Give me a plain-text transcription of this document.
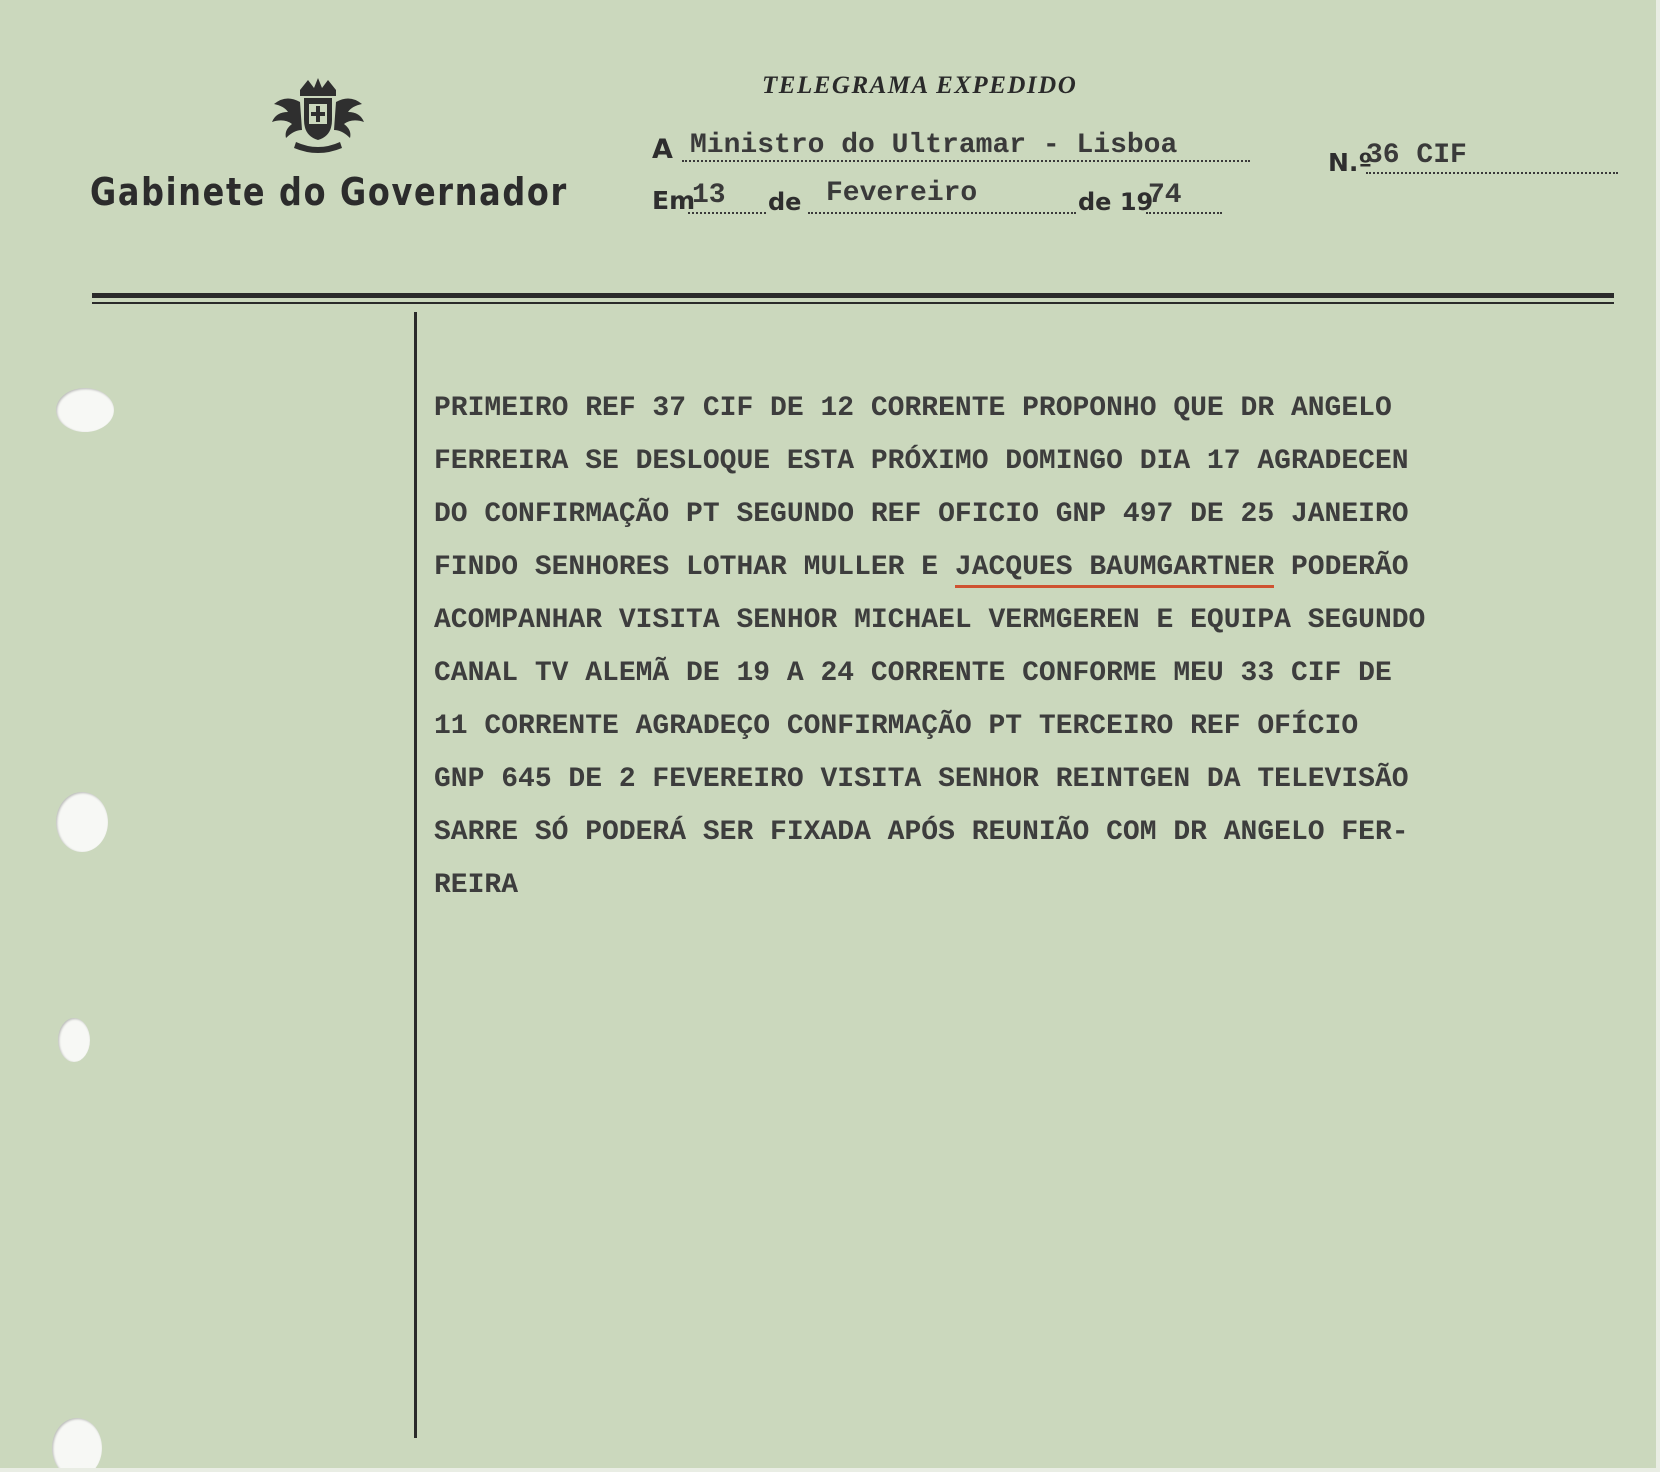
Gabinete do Governador
TELEGRAMA EXPEDIDO
A Ministro do Ultramar - Lisboa
N.º
36 CIF
Em
13 de Fevereiro	de 19
74
PRIMEIRO REF 37 CIF DE 12 CORRENTE PROPONHO QUE DR ANGELO
FERREIRA SE DESLOQUE ESTA PRÓXIMO DOMINGO DIA 17 AGRADECEN
DO CONFIRMAÇÃO PT SEGUNDO REF OFICIO GNP 497 DE 25 JANEIRO
FINDO SENHORES LOTHAR MULLER E JACQUES BAUMGARTNER PODERÃO
ACOMPANHAR VISITA SENHOR MICHAEL VERMGEREN E EQUIPA SEGUNDO
CANAL TV ALEMÃ DE 19 A 24 CORRENTE CONFORME MEU 33 CIF DE
11 CORRENTE AGRADEÇO CONFIRMAÇÃO PT TERCEIRO REF OFÍCIO
GNP 645 DE 2 FEVEREIRO VISITA SENHOR REINTGEN DA TELEVISÃO
SARRE SÓ PODERÁ SER FIXADA APÓS REUNIÃO COM DR ANGELO FER-
REIRA
